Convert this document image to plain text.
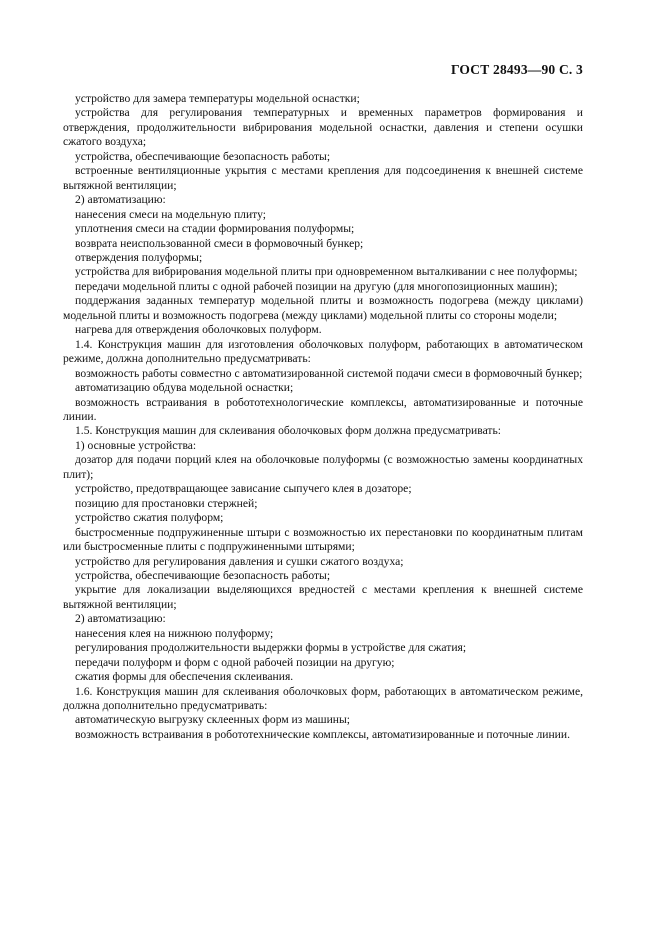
ГОСТ 28493—90 С. 3

устройство для замера температуры модельной оснастки;

устройства для регулирования температурных и временных параметров формирования и отверждения, продолжительности вибрирования модельной оснастки, давления и степени осушки сжатого воздуха;

устройства, обеспечивающие безопасность работы;

встроенные вентиляционные укрытия с местами крепления для подсоединения к внешней системе вытяжной вентиляции;

2) автоматизацию:

нанесения смеси на модельную плиту;

уплотнения смеси на стадии формирования полуформы;

возврата неиспользованной смеси в формовочный бункер;

отверждения полуформы;

устройства для вибрирования модельной плиты при одновременном выталкивании с нее полуформы;

передачи модельной плиты с одной рабочей позиции на другую (для многопозиционных машин);

поддержания заданных температур модельной плиты и возможность подогрева (между циклами) модельной плиты и возможность подогрева (между циклами) модельной плиты со стороны модели;

нагрева для отверждения оболочковых полуформ.

1.4. Конструкция машин для изготовления оболочковых полуформ, работающих в автоматическом режиме, должна дополнительно предусматривать:

возможность работы совместно с автоматизированной системой подачи смеси в формовочный бункер;

автоматизацию обдува модельной оснастки;

возможность встраивания в робототехнологические комплексы, автоматизированные и поточные линии.

1.5. Конструкция машин для склеивания оболочковых форм должна предусматривать:

1) основные устройства:

дозатор для подачи порций клея на оболочковые полуформы (с возможностью замены координатных плит);

устройство, предотвращающее зависание сыпучего клея в дозаторе;

позицию для простановки стержней;

устройство сжатия полуформ;

быстросменные подпружиненные штыри с возможностью их перестановки по координатным плитам или быстросменные плиты с подпружиненными штырями;

устройство для регулирования давления и сушки сжатого воздуха;

устройства, обеспечивающие безопасность работы;

укрытие для локализации выделяющихся вредностей с местами крепления к внешней системе вытяжной вентиляции;

2) автоматизацию:

нанесения клея на нижнюю полуформу;

регулирования продолжительности выдержки формы в устройстве для сжатия;

передачи полуформ и форм с одной рабочей позиции на другую;

сжатия формы для обеспечения склеивания.

1.6. Конструкция машин для склеивания оболочковых форм, работающих в автоматическом режиме, должна дополнительно предусматривать:

автоматическую выгрузку склеенных форм из машины;

возможность встраивания в робототехнические комплексы, автоматизированные и поточные линии.
